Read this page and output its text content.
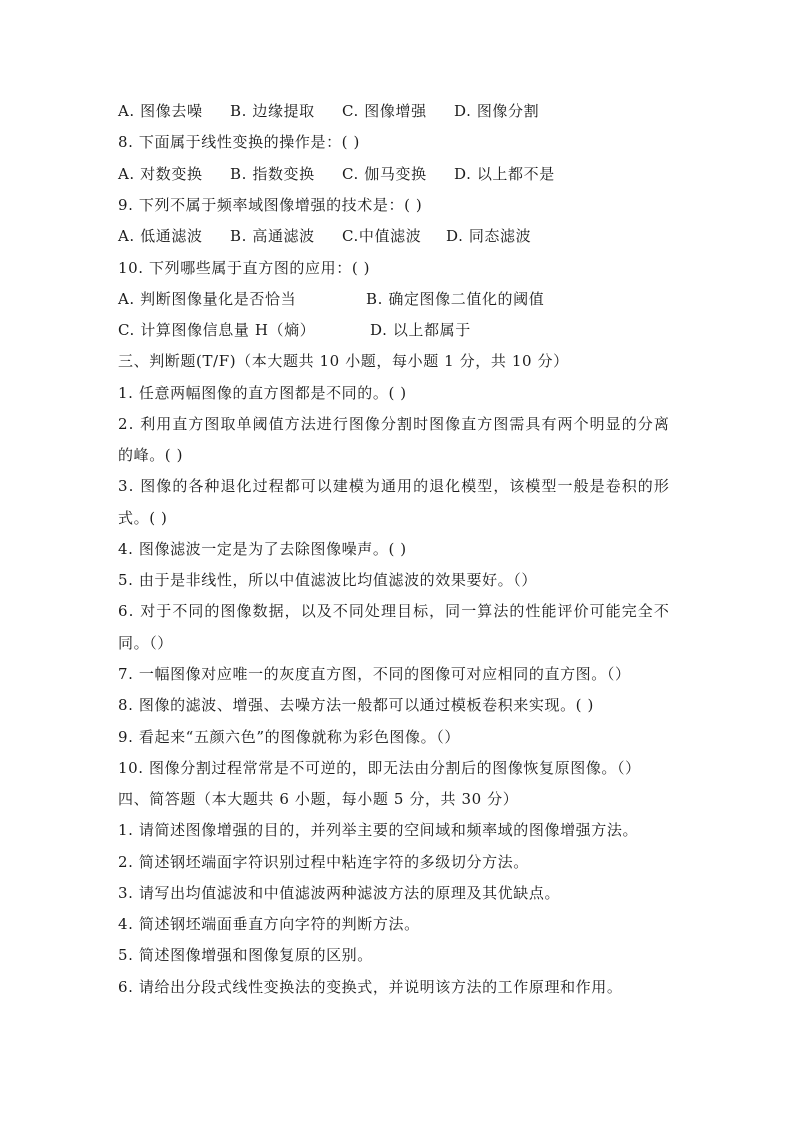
A. 图像去噪 B. 边缘提取 C. 图像增强 D. 图像分割
8. 下面属于线性变换的操作是：( )
A. 对数变换 B. 指数变换 C. 伽马变换 D. 以上都不是
9. 下列不属于频率域图像增强的技术是：( )
A. 低通滤波 B. 高通滤波 C.中值滤波 D. 同态滤波
10. 下列哪些属于直方图的应用：( )
A. 判断图像量化是否恰当	B. 确定图像二值化的阈值
C. 计算图像信息量 H（熵）	D. 以上都属于
三、判断题(T/F)（本大题共 10 小题，每小题 1 分，共 10 分）
1. 任意两幅图像的直方图都是不同的。( )
2. 利用直方图取单阈值方法进行图像分割时图像直方图需具有两个明显的分离
的峰。( )
3. 图像的各种退化过程都可以建模为通用的退化模型，该模型一般是卷积的形
式。( )
4. 图像滤波一定是为了去除图像噪声。( )
5. 由于是非线性，所以中值滤波比均值滤波的效果要好。（）
6. 对于不同的图像数据，以及不同处理目标，同一算法的性能评价可能完全不
同。（）
7. 一幅图像对应唯一的灰度直方图，不同的图像可对应相同的直方图。（）
8. 图像的滤波、增强、去噪方法一般都可以通过模板卷积来实现。( )
9. 看起来“五颜六色”的图像就称为彩色图像。（）
10. 图像分割过程常常是不可逆的，即无法由分割后的图像恢复原图像。（）
四、简答题（本大题共 6 小题，每小题 5 分，共 30 分）
1. 请简述图像增强的目的，并列举主要的空间域和频率域的图像增强方法。
2. 简述钢坯端面字符识别过程中粘连字符的多级切分方法。
3. 请写出均值滤波和中值滤波两种滤波方法的原理及其优缺点。
4. 简述钢坯端面垂直方向字符的判断方法。
5. 简述图像增强和图像复原的区别。
6. 请给出分段式线性变换法的变换式，并说明该方法的工作原理和作用。
